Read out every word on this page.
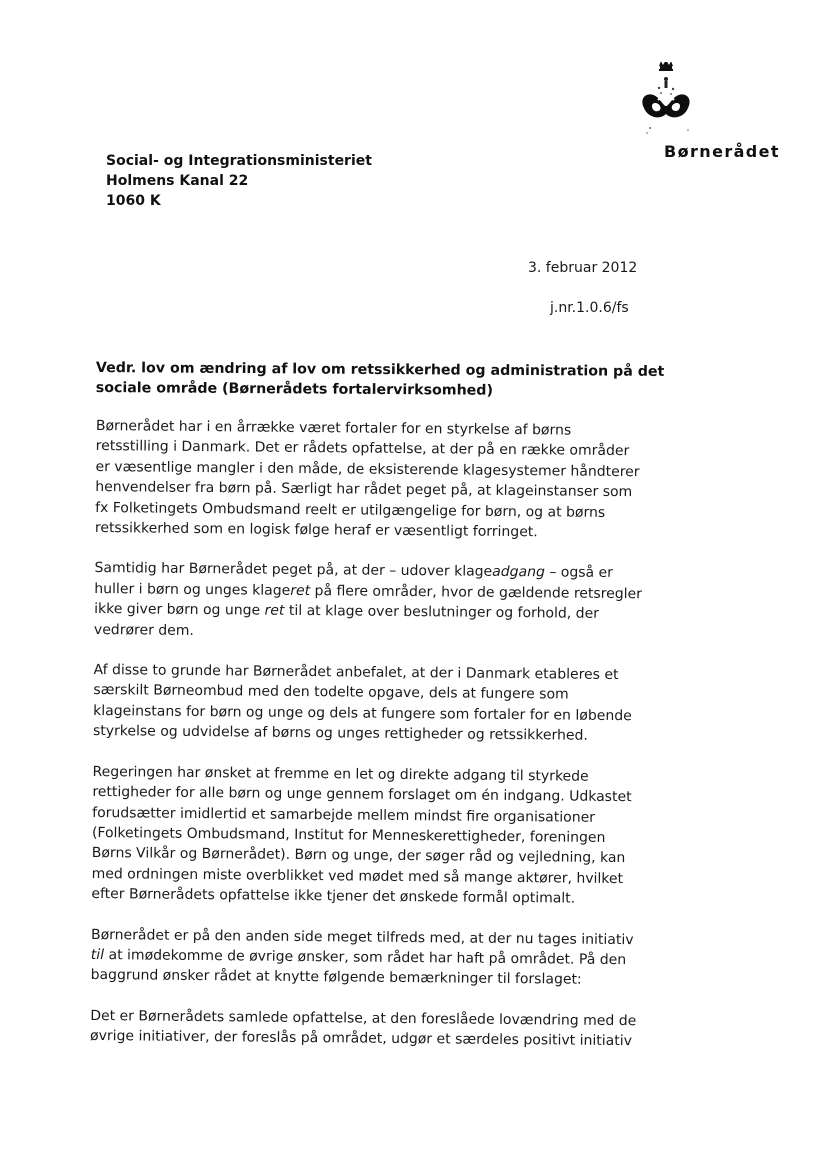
Børnerådet
Social- og Integrationsministeriet
Holmens Kanal 22
1060 K
3. februar 2012
j.nr.1.0.6/fs
Vedr. lov om ændring af lov om retssikkerhed og administration på det
sociale område (Børnerådets fortalervirksomhed)
Børnerådet har i en årrække været fortaler for en styrkelse af børns
retsstilling i Danmark. Det er rådets opfattelse, at der på en række områder
er væsentlige mangler i den måde, de eksisterende klagesystemer håndterer
henvendelser fra børn på. Særligt har rådet peget på, at klageinstanser som
fx Folketingets Ombudsmand reelt er utilgængelige for børn, og at børns
retssikkerhed som en logisk følge heraf er væsentligt forringet.
Samtidig har Børnerådet peget på, at der – udover klageadgang – også er
huller i børn og unges klageret på flere områder, hvor de gældende retsregler
ikke giver børn og unge ret til at klage over beslutninger og forhold, der
vedrører dem.
Af disse to grunde har Børnerådet anbefalet, at der i Danmark etableres et
særskilt Børneombud med den todelte opgave, dels at fungere som
klageinstans for børn og unge og dels at fungere som fortaler for en løbende
styrkelse og udvidelse af børns og unges rettigheder og retssikkerhed.
Regeringen har ønsket at fremme en let og direkte adgang til styrkede
rettigheder for alle børn og unge gennem forslaget om én indgang. Udkastet
forudsætter imidlertid et samarbejde mellem mindst fire organisationer
(Folketingets Ombudsmand, Institut for Menneskerettigheder, foreningen
Børns Vilkår og Børnerådet). Børn og unge, der søger råd og vejledning, kan
med ordningen miste overblikket ved mødet med så mange aktører, hvilket
efter Børnerådets opfattelse ikke tjener det ønskede formål optimalt.
Børnerådet er på den anden side meget tilfreds med, at der nu tages initiativ
til at imødekomme de øvrige ønsker, som rådet har haft på området. På den
baggrund ønsker rådet at knytte følgende bemærkninger til forslaget:
Det er Børnerådets samlede opfattelse, at den foreslåede lovændring med de
øvrige initiativer, der foreslås på området, udgør et særdeles positivt initiativ
